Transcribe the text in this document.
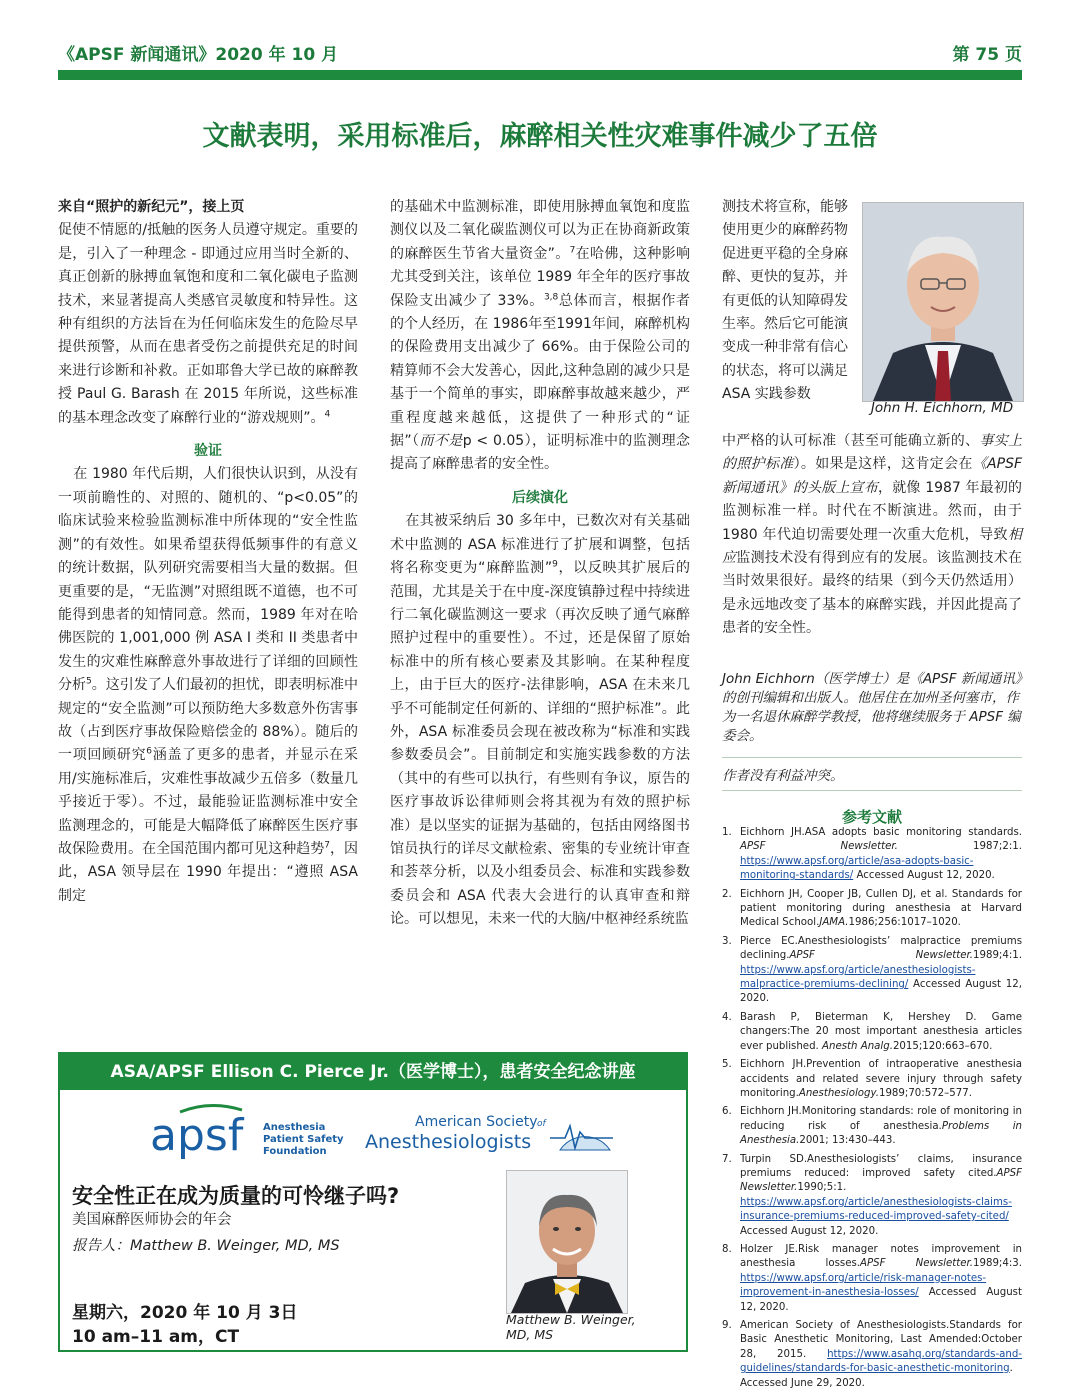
《APSF 新闻通讯》2020 年 10 月	第 75 页
文献表明，采用标准后，麻醉相关性灾难事件减少了五倍

来自“照护的新纪元”，接上页

促使不情愿的/抵触的医务人员遵守规定。重要的是，引入了一种理念 - 即通过应用当时全新的、真正创新的脉搏血氧饱和度和二氧化碳电子监测技术，来显著提高人类感官灵敏度和特异性。这种有组织的方法旨在为任何临床发生的危险尽早提供预警，从而在患者受伤之前提供充足的时间来进行诊断和补救。正如耶鲁大学已故的麻醉教授 Paul G. Barash 在 2015 年所说，这些标准的基本理念改变了麻醉行业的“游戏规则”。$^4$

验证

在 1980 年代后期，人们很快认识到，从没有一项前瞻性的、对照的、随机的、“p<0.05”的临床试验来检验监测标准中所体现的“安全性监测”的有效性。如果希望获得低频事件的有意义的统计数据，队列研究需要相当大量的数据。但更重要的是，“无监测”对照组既不道德，也不可能得到患者的知情同意。然而，1989 年对在哈佛医院的 1,001,000 例 ASA I 类和 II 类患者中发生的灾难性麻醉意外事故进行了详细的回顾性分析$^5$。这引发了人们最初的担忧，即表明标准中规定的“安全监测”可以预防绝大多数意外伤害事故（占到医疗事故保险赔偿金的 88%）。随后的一项回顾研究$^6$涵盖了更多的患者，并显示在采用/实施标准后，灾难性事故减少五倍多（数量几乎接近于零）。不过，最能验证监测标准中安全监测理念的，可能是大幅降低了麻醉医生医疗事故保险费用。在全国范围内都可见这种趋势$^7$，因此，ASA 领导层在 1990 年提出：“遵照 ASA 制定

的基础术中监测标准，即使用脉搏血氧饱和度监测仪以及二氧化碳监测仪可以为正在协商新政策的麻醉医生节省大量资金”。$^7$在哈佛，这种影响尤其受到关注，该单位 1989 年全年的医疗事故保险支出减少了 33%。$^{3,8}$总体而言，根据作者的个人经历，在 1986年至1991年间，麻醉机构的保险费用支出减少了 66%。由于保险公司的精算师不会大发善心，因此,这种急剧的减少只是基于一个简单的事实，即麻醉事故越来越少，严重程度越来越低，这提供了一种形式的“证据”（而不是p < 0.05），证明标准中的监测理念提高了麻醉患者的安全性。

后续演化

在其被采纳后 30 多年中，已数次对有关基础术中监测的 ASA 标准进行了扩展和调整，包括将名称变更为“麻醉监测”$^9$，以反映其扩展后的范围，尤其是关于在中度-深度镇静过程中持续进行二氧化碳监测这一要求（再次反映了通气麻醉照护过程中的重要性）。不过，还是保留了原始标准中的所有核心要素及其影响。在某种程度上，由于巨大的医疗-法律影响，ASA 在未来几乎不可能制定任何新的、详细的“照护标准”。此外，ASA 标准委员会现在被改称为“标准和实践参数委员会”。目前制定和实施实践参数的方法（其中的有些可以执行，有些则有争议，原告的医疗事故诉讼律师则会将其视为有效的照护标准）是以坚实的证据为基础的，包括由网络图书馆员执行的详尽文献检索、密集的专业统计审查和荟萃分析，以及小组委员会、标准和实践参数委员会和 ASA 代表大会进行的认真审查和辩论。可以想见，未来一代的大脑/中枢神经系统监

测技术将宣称，能够使用更少的麻醉药物促进更平稳的全身麻醉、更快的复苏，并有更低的认知障碍发生率。然后它可能演变成一种非常有信心的状态，将可以满足 ASA 实践参数
John H. Eichhorn, MD

中严格的认可标准（甚至可能确立新的、事实上的照护标准）。如果是这样，这肯定会在《APSF 新闻通讯》的头版上宣布，就像 1987 年最初的监测标准一样。时代在不断演进。然而，由于1980 年代迫切需要处理一次重大危机，导致相应监测技术没有得到应有的发展。该监测技术在当时效果很好。最终的结果（到今天仍然适用）是永远地改变了基本的麻醉实践，并因此提高了患者的安全性。

John Eichhorn（医学博士）是《APSF 新闻通讯》的创刊编辑和出版人。他居住在加州圣何塞市，作为一名退休麻醉学教授，他将继续服务于 APSF 编委会。
作者没有利益冲突。
参考文献
1. Eichhorn JH.ASA adopts basic monitoring standards. APSF Newsletter. 1987;2:1. https://www.apsf.org/article/asa-adopts-basic-monitoring-standards/ Accessed August 12, 2020.
2. Eichhorn JH, Cooper JB, Cullen DJ, et al. Standards for patient monitoring during anesthesia at Harvard Medical School.JAMA.1986;256:1017–1020.
3. Pierce EC.Anesthesiologists’ malpractice premiums declining.APSF Newsletter.1989;4:1. https://www.apsf.org/article/anesthesiologists-malpractice-premiums-declining/ Accessed August 12, 2020.
4. Barash P, Bieterman K, Hershey D. Game changers:The 20 most important anesthesia articles ever published. Anesth Analg.2015;120:663–670.
5. Eichhorn JH.Prevention of intraoperative anesthesia accidents and related severe injury through safety monitoring.Anesthesiology.1989;70:572–577.
6. Eichhorn JH.Monitoring standards: role of monitoring in reducing risk of anesthesia.Problems in Anesthesia.2001; 13:430–443.
7. Turpin SD.Anesthesiologists’ claims, insurance premiums reduced: improved safety cited.APSF Newsletter.1990;5:1. https://www.apsf.org/article/anesthesiologists-claims-insurance-premiums-reduced-improved-safety-cited/ Accessed August 12, 2020.
8. Holzer JE.Risk manager notes improvement in anesthesia losses.APSF Newsletter.1989;4:3. https://www.apsf.org/article/risk-manager-notes-improvement-in-anesthesia-losses/ Accessed August 12, 2020.
9. American Society of Anesthesiologists.Standards for Basic Anesthetic Monitoring, Last Amended:October 28, 2015. https://www.asahq.org/standards-and-guidelines/standards-for-basic-anesthetic-monitoring. Accessed June 29, 2020.
ASA/APSF Ellison C. Pierce Jr.（医学博士），患者安全纪念讲座
apsf Anesthesia
Patient Safety
Foundation
American Society of
Anesthesiologists
安全性正在成为质量的可怜继子吗?
美国麻醉医师协会的年会
报告人：Matthew B. Weinger, MD, MS
星期六，2020 年 10 月 3日
10 am–11 am，CT
Matthew B. Weinger, MD, MS
